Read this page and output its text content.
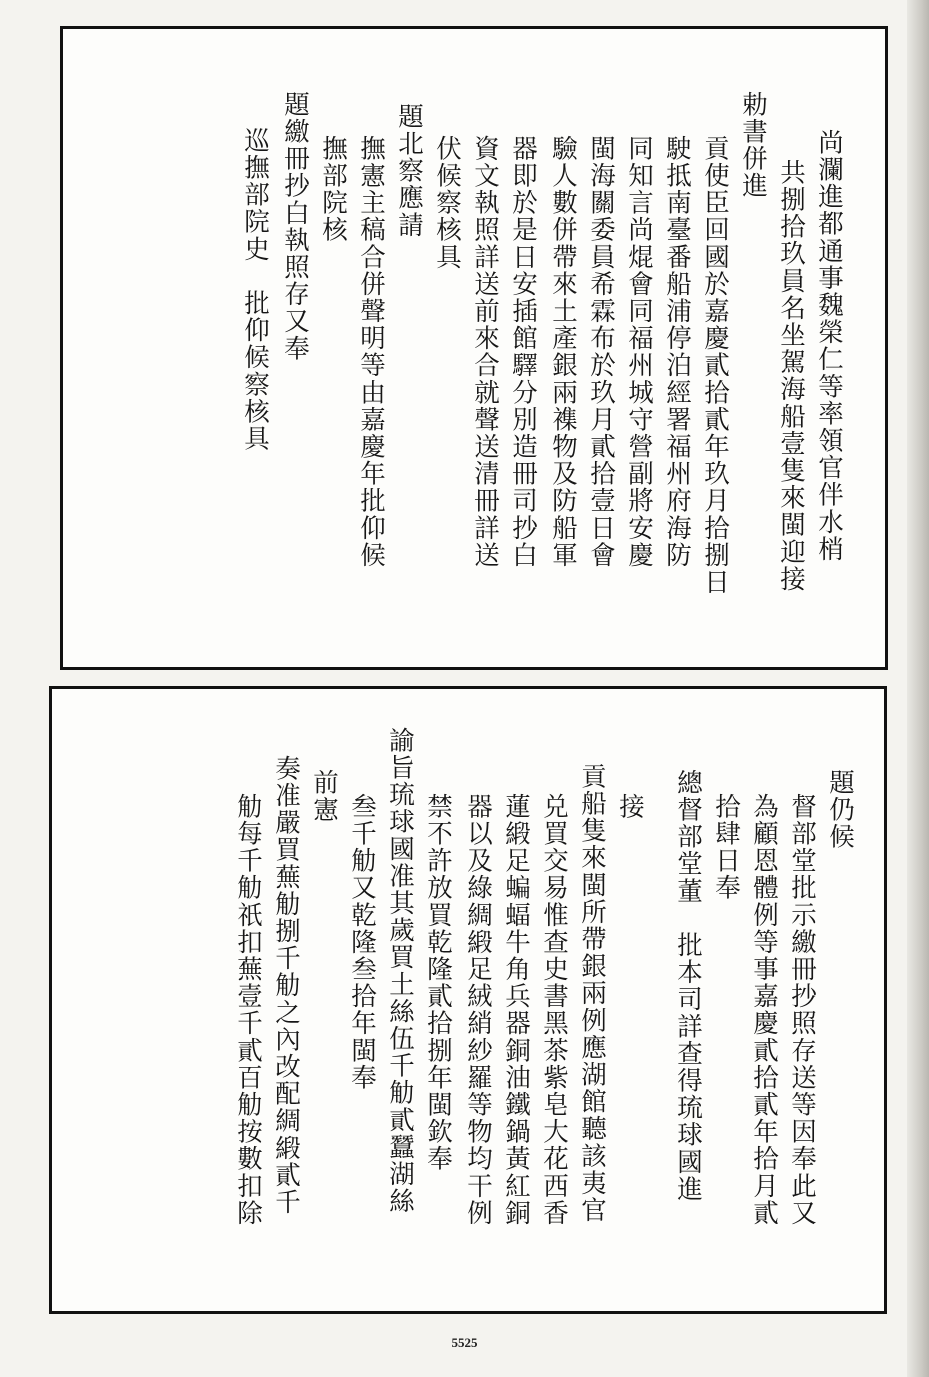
尚瀾進都通事魏榮仁等率領官伴水梢
共捌拾玖員名坐駕海船壹隻來閩迎接
勅書併進
貢使臣回國於嘉慶貳拾貳年玖月拾捌日
駛抵南臺番船浦停泊經署福州府海防
同知言尚焜會同福州城守營副將安慶
閩海關委員希霖布於玖月貳拾壹日會
驗人數併帶來土產銀兩襍物及防船軍
器即於是日安插館驛分別造冊司抄白
資文執照詳送前來合就聲送清冊詳送
伏候察核具
題北察應請
撫憲主稿合併聲明等由嘉慶年批仰候
撫部院核
題繳冊抄白執照存又奉
巡撫部院史　批仰候察核具
題仍候
督部堂批示繳冊抄照存送等因奉此又
為顧恩體例等事嘉慶貳拾貳年拾月貳
拾肆日奉
總督部堂董　批本司詳查得琉球國進
接
貢船隻來閩所帶銀兩例應湖館聽該夷官
兑買交易惟查史書黑茶紫皂大花西香
蓮緞足蝙蝠牛角兵器銅油鐵鍋黃紅銅
器以及綠綢緞足絨綃紗羅等物均干例
禁不許放買乾隆貳拾捌年閩欽奉
諭旨琉球國准其歲買土絲伍千觔貳蠶湖絲
叁千觔又乾隆叁拾年閩奉
前憲
奏准嚴買蕪觔捌千觔之內改配綢緞貳千
觔每千觔祇扣蕪壹千貳百觔按數扣除
5525
